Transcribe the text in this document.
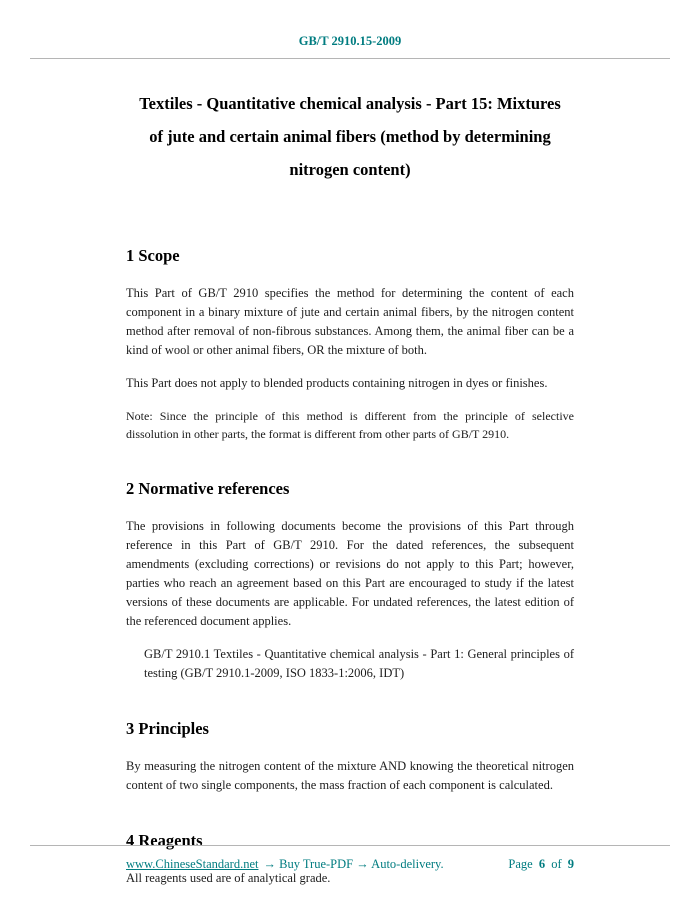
GB/T 2910.15-2009
Textiles - Quantitative chemical analysis - Part 15: Mixtures
of jute and certain animal fibers (method by determining
nitrogen content)
1 Scope

This Part of GB/T 2910 specifies the method for determining the content of each component in a binary mixture of jute and certain animal fibers, by the nitrogen content method after removal of non-fibrous substances. Among them, the animal fiber can be a kind of wool or other animal fibers, OR the mixture of both.

This Part does not apply to blended products containing nitrogen in dyes or finishes.

Note: Since the principle of this method is different from the principle of selective dissolution in other parts, the format is different from other parts of GB/T 2910.

2 Normative references

The provisions in following documents become the provisions of this Part through reference in this Part of GB/T 2910. For the dated references, the subsequent amendments (excluding corrections) or revisions do not apply to this Part; however, parties who reach an agreement based on this Part are encouraged to study if the latest versions of these documents are applicable. For undated references, the latest edition of the referenced document applies.

GB/T 2910.1 Textiles - Quantitative chemical analysis - Part 1: General principles of testing (GB/T 2910.1-2009, ISO 1833-1:2006, IDT)

3 Principles

By measuring the nitrogen content of the mixture AND knowing the theoretical nitrogen content of two single components, the mass fraction of each component is calculated.

4 Reagents

All reagents used are of analytical grade.

www.ChineseStandard.net → Buy True-PDF → Auto-delivery.	Page 6 of 9
